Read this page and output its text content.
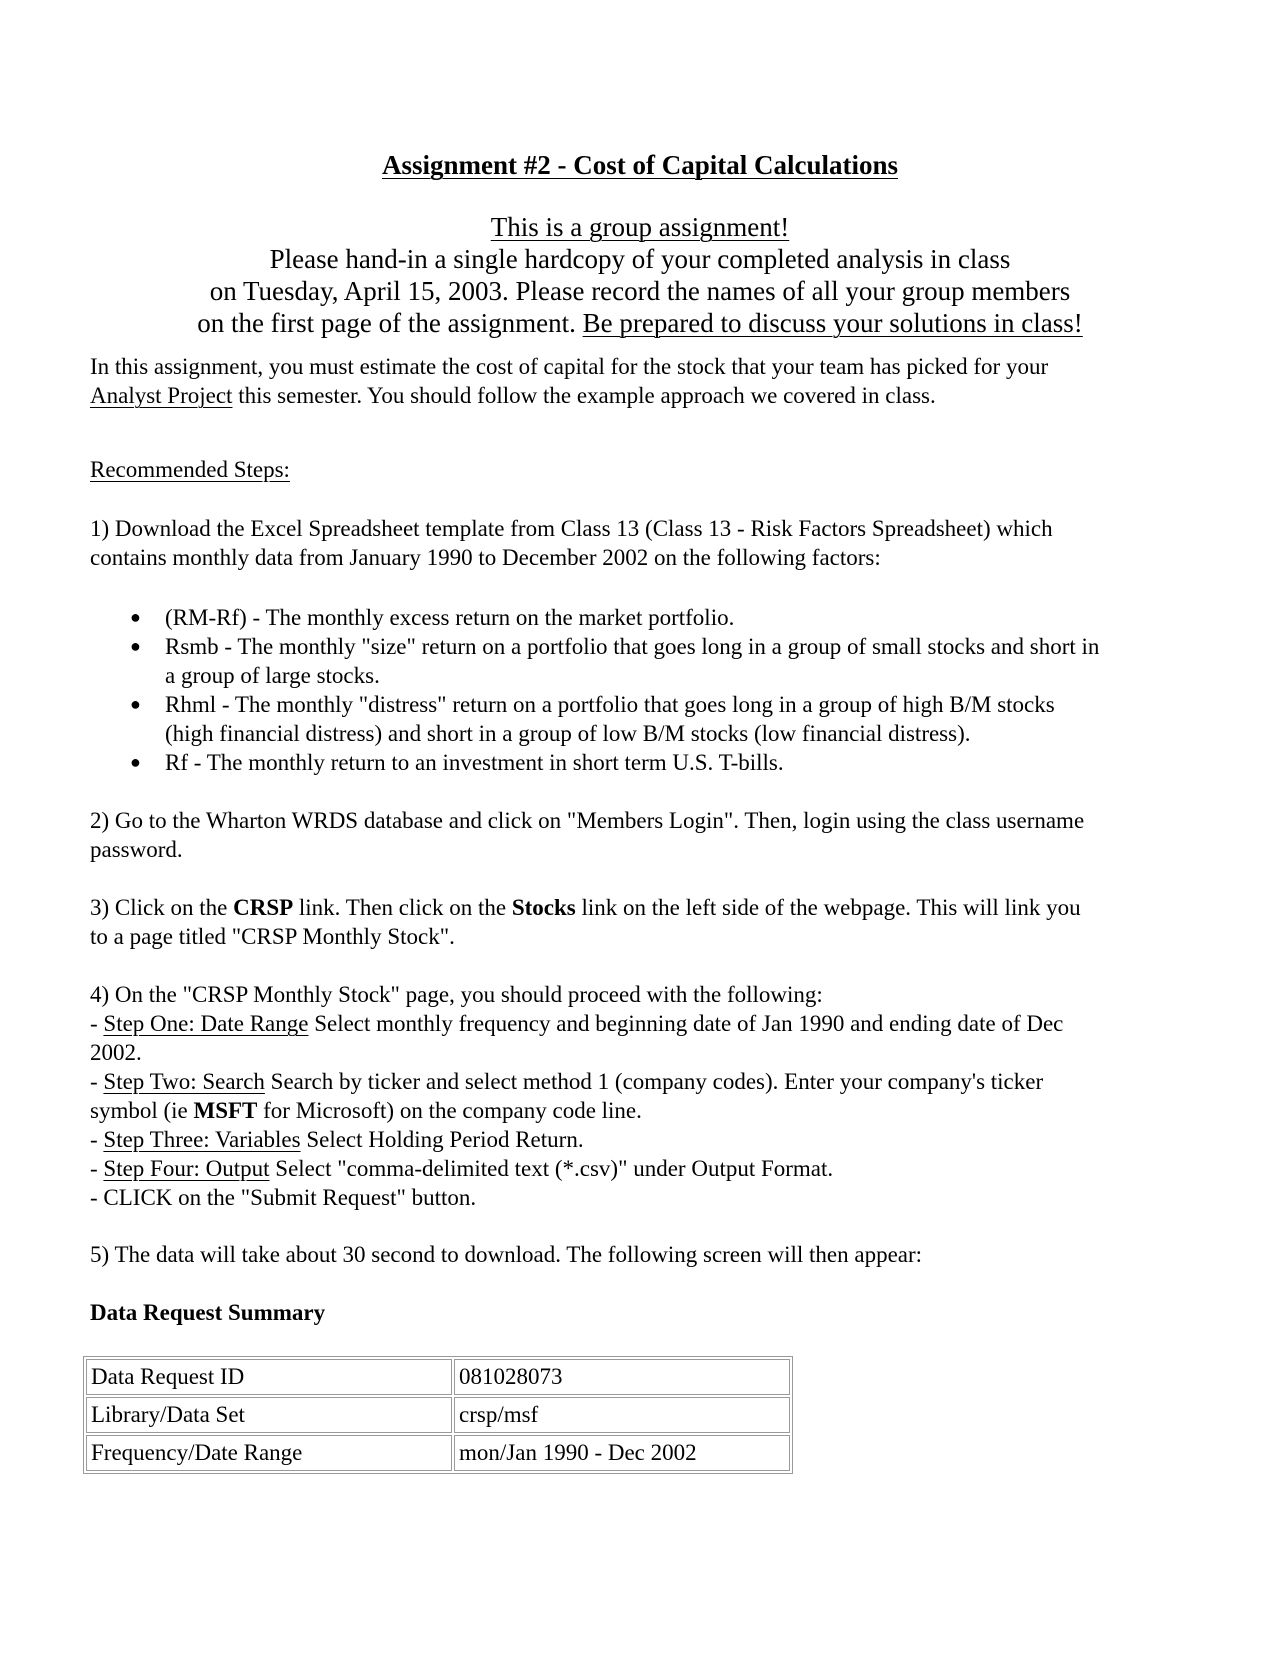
Assignment #2 - Cost of Capital Calculations
This is a group assignment!
Please hand-in a single hardcopy of your completed analysis in class
on Tuesday, April 15, 2003. Please record the names of all your group members
on the first page of the assignment. Be prepared to discuss your solutions in class!
In this assignment, you must estimate the cost of capital for the stock that your team has picked for your
Analyst Project this semester. You should follow the example approach we covered in class.
Recommended Steps:
1) Download the Excel Spreadsheet template from Class 13 (Class 13 - Risk Factors Spreadsheet) which
contains monthly data from January 1990 to December 2002 on the following factors:
● (RM-Rf) - The monthly excess return on the market portfolio.
● Rsmb - The monthly "size" return on a portfolio that goes long in a group of small stocks and short in
a group of large stocks.
● Rhml - The monthly "distress" return on a portfolio that goes long in a group of high B/M stocks
(high financial distress) and short in a group of low B/M stocks (low financial distress).
● Rf - The monthly return to an investment in short term U.S. T-bills.
2) Go to the Wharton WRDS database and click on "Members Login". Then, login using the class username
password.
3) Click on the CRSP link. Then click on the Stocks link on the left side of the webpage. This will link you
to a page titled "CRSP Monthly Stock".
4) On the "CRSP Monthly Stock" page, you should proceed with the following:
- Step One: Date Range Select monthly frequency and beginning date of Jan 1990 and ending date of Dec
2002.
- Step Two: Search Search by ticker and select method 1 (company codes). Enter your company's ticker
symbol (ie MSFT for Microsoft) on the company code line.
- Step Three: Variables Select Holding Period Return.
- Step Four: Output Select "comma-delimited text (*.csv)" under Output Format.
- CLICK on the "Submit Request" button.
5) The data will take about 30 second to download. The following screen will then appear:
Data Request Summary
Data Request ID	081028073
Library/Data Set	crsp/msf
Frequency/Date Range	mon/Jan 1990 - Dec 2002
